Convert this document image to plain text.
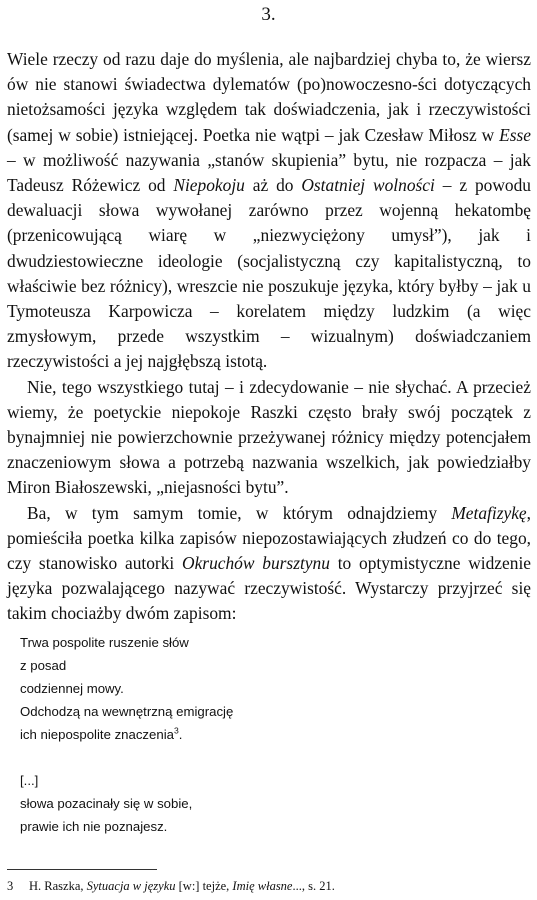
3.

Wiele rzeczy od razu daje do myślenia, ale najbardziej chyba to, że wiersz ów nie stanowi świadectwa dylematów (po)nowoczesno-ści dotyczących nietożsamości języka względem tak doświadczenia, jak i rzeczywistości (samej w sobie) istniejącej. Poetka nie wątpi – jak Czesław Miłosz w Esse – w możliwość nazywania „stanów skupienia” bytu, nie rozpacza – jak Tadeusz Różewicz od Niepokoju aż do Ostatniej wolności – z powodu dewaluacji słowa wywołanej zarówno przez wojenną hekatombę (przenicowującą wiarę w „niezwyciężony umysł”), jak i dwudziestowieczne ideologie (socjalistyczną czy kapitalistyczną, to właściwie bez różnicy), wreszcie nie poszukuje języka, który byłby – jak u Tymoteusza Karpowicza – korelatem między ludzkim (a więc zmysłowym, przede wszystkim – wizualnym) doświadczaniem rzeczywistości a jej najgłębszą istotą.

Nie, tego wszystkiego tutaj – i zdecydowanie – nie słychać. A przecież wiemy, że poetyckie niepokoje Raszki często brały swój początek z bynajmniej nie powierzchownie przeżywanej różnicy między potencjałem znaczeniowym słowa a potrzebą nazwania wszelkich, jak powiedziałby Miron Białoszewski, „niejasności bytu”.

Ba, w tym samym tomie, w którym odnajdziemy Metafizykę, pomieściła poetka kilka zapisów niepozostawiających złudzeń co do tego, czy stanowisko autorki Okruchów bursztynu to optymistyczne widzenie języka pozwalającego nazywać rzeczywistość. Wystarczy przyjrzeć się takim chociażby dwóm zapisom:

Trwa pospolite ruszenie słów
z posad
codziennej mowy.
Odchodzą na wewnętrzną emigrację
ich niepospolite znaczenia$^3$.
[...]
słowa pozacinały się w sobie,
prawie ich nie poznajesz.
3 H. Raszka, Sytuacja w języku [w:] tejże, Imię własne..., s. 21.
